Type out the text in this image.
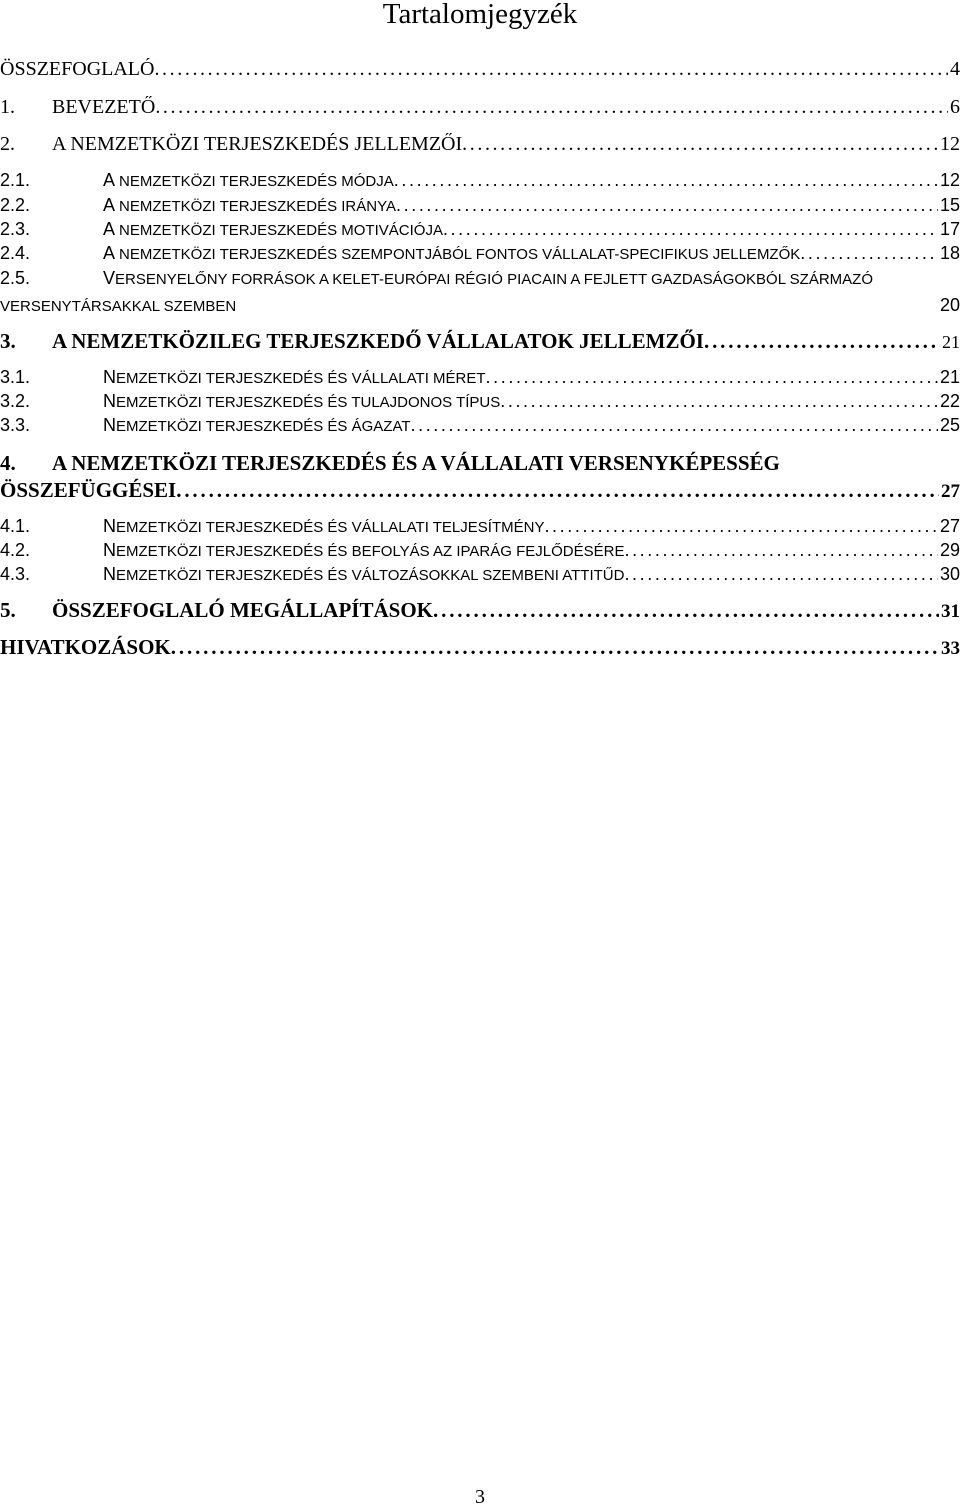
Tartalomjegyzék
ÖSSZEFOGLALÓ . . .	4
1.	BEVEZETŐ . . .	6
2.	A NEMZETKÖZI TERJESZKEDÉS JELLEMZŐI . . .	12
2.1.	A NEMZETKÖZI TERJESZKEDÉS MÓDJA . . .	12
2.2.	A NEMZETKÖZI TERJESZKEDÉS IRÁNYA . . .	15
2.3.	A NEMZETKÖZI TERJESZKEDÉS MOTIVÁCIÓJA . . .	17
2.4.	A NEMZETKÖZI TERJESZKEDÉS SZEMPONTJÁBÓL FONTOS VÁLLALAT-SPECIFIKUS JELLEMZŐK . . .	18
2.5.	VERSENYELŐNY FORRÁSOK A KELET-EURÓPAI RÉGIÓ PIACAIN A FEJLETT GAZDASÁGOKBÓL SZÁRMAZÓ
VERSENYTÁRSAKKAL SZEMBEN	20
3.	A NEMZETKÖZILEG TERJESZKEDŐ VÁLLALATOK JELLEMZŐI . . .	21
3.1.	NEMZETKÖZI TERJESZKEDÉS ÉS VÁLLALATI MÉRET . . .	21
3.2.	NEMZETKÖZI TERJESZKEDÉS ÉS TULAJDONOS TÍPUS . . .	22
3.3.	NEMZETKÖZI TERJESZKEDÉS ÉS ÁGAZAT . . .	25
4.	A NEMZETKÖZI TERJESZKEDÉS ÉS A VÁLLALATI VERSENYKÉPESSÉG
ÖSSZEFÜGGÉSEI . . .	27
4.1.	NEMZETKÖZI TERJESZKEDÉS ÉS VÁLLALATI TELJESÍTMÉNY . . .	27
4.2.	NEMZETKÖZI TERJESZKEDÉS ÉS BEFOLYÁS AZ IPARÁG FEJLŐDÉSÉRE . . .	29
4.3.	NEMZETKÖZI TERJESZKEDÉS ÉS VÁLTOZÁSOKKAL SZEMBENI ATTITŰD . . .	30
5.	ÖSSZEFOGLALÓ MEGÁLLAPÍTÁSOK . . .	31
HIVATKOZÁSOK . . .	33
3
